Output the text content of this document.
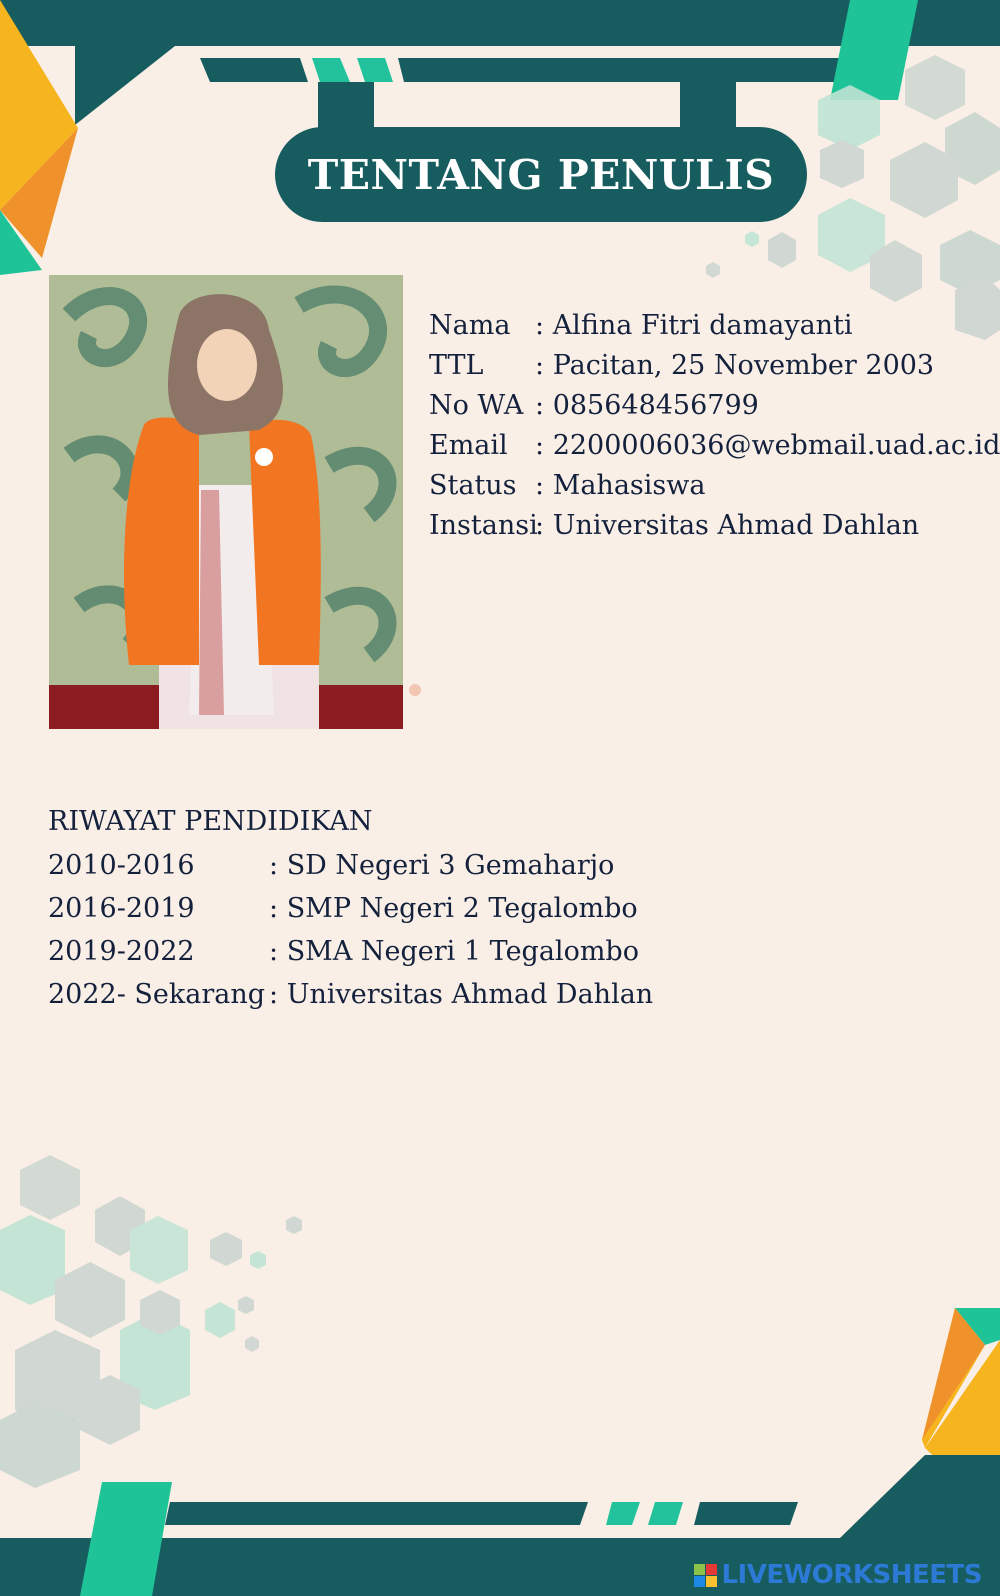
TENTANG PENULIS
Nama	: Alfina Fitri damayanti
TTL	: Pacitan, 25 November 2003
No WA	: 085648456799
Email	: 2200006036@webmail.uad.ac.id
Status	: Mahasiswa
Instansi : Universitas Ahmad Dahlan
RIWAYAT PENDIDIKAN
2010-2016	: SD Negeri 3 Gemaharjo
2016-2019	: SMP Negeri 2 Tegalombo
2019-2022	: SMA Negeri 1 Tegalombo
2022- Sekarang : Universitas Ahmad Dahlan
LIVEWORKSHEETS
